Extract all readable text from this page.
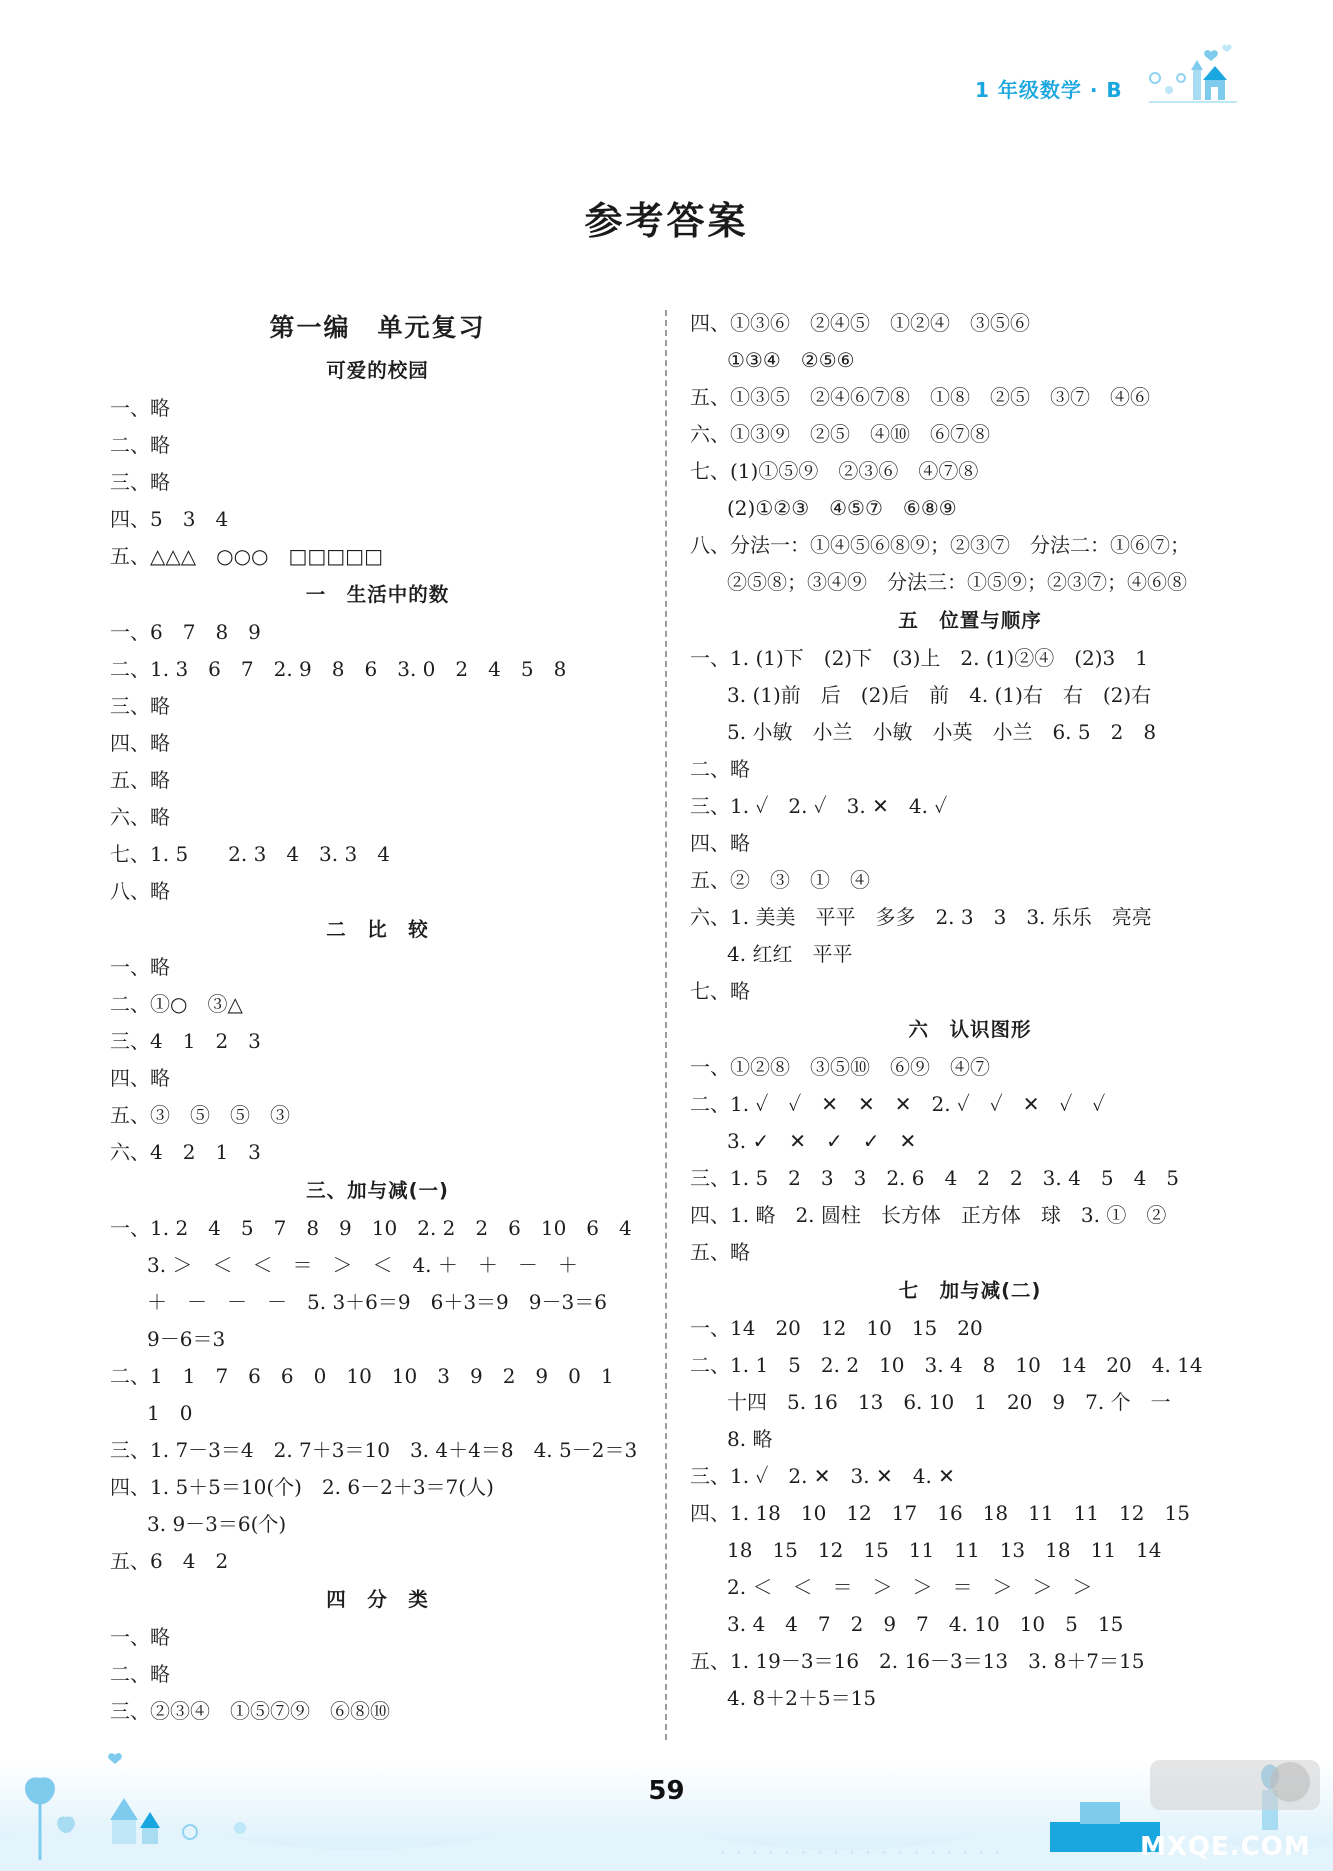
1 年级数学 · B
参考答案
第一编　单元复习
可爱的校园
一、略
二、略
三、略
四、5　3　4
五、△△△　○○○　□□□□□
一　生活中的数
一、6　7　8　9
二、1. 3　6　7　2. 9　8　6　3. 0　2　4　5　8
三、略
四、略
五、略
六、略
七、1. 5　　2. 3　4　3. 3　4
八、略
二　比　较
一、略
二、①○　③△
三、4　1　2　3
四、略
五、③　⑤　⑤　③
六、4　2　1　3
三、加与减(一)
一、1. 2　4　5　7　8　9　10　2. 2　2　6　10　6　4
3. ＞　＜　＜　＝　＞　＜　4. ＋　＋　－　＋
＋　－　－　－　5. 3＋6＝9　6＋3＝9　9－3＝6
9－6＝3
二、1　1　7　6　6　0　10　10　3　9　2　9　0　1
1　0
三、1. 7－3＝4　2. 7＋3＝10　3. 4＋4＝8　4. 5－2＝3
四、1. 5＋5＝10(个)　2. 6－2＋3＝7(人)
3. 9－3＝6(个)
五、6　4　2
四　分　类
一、略
二、略
三、②③④　①⑤⑦⑨　⑥⑧⑩
四、①③⑥　②④⑤　①②④　③⑤⑥
①③④　②⑤⑥
五、①③⑤　②④⑥⑦⑧　①⑧　②⑤　③⑦　④⑥
六、①③⑨　②⑤　④⑩　⑥⑦⑧
七、(1)①⑤⑨　②③⑥　④⑦⑧
(2)①②③　④⑤⑦　⑥⑧⑨
八、分法一：①④⑤⑥⑧⑨；②③⑦　分法二：①⑥⑦；
②⑤⑧；③④⑨　分法三：①⑤⑨；②③⑦；④⑥⑧
五　位置与顺序
一、1. (1)下　(2)下　(3)上　2. (1)②④　(2)3　1
3. (1)前　后　(2)后　前　4. (1)右　右　(2)右
5. 小敏　小兰　小敏　小英　小兰　6. 5　2　8
二、略
三、1. ✓　2. ✓　3. ✕　4. ✓
四、略
五、②　③　①　④
六、1. 美美　平平　多多　2. 3　3　3. 乐乐　亮亮
4. 红红　平平
七、略
六　认识图形
一、①②⑧　③⑤⑩　⑥⑨　④⑦
二、1. ✓　✓　✕　✕　✕　2. ✓　✓　✕　✓　✓
3. ✓　✕　✓　✓　✕
三、1. 5　2　3　3　2. 6　4　2　2　3. 4　5　4　5
四、1. 略　2. 圆柱　长方体　正方体　球　3. ①　②
五、略
七　加与减(二)
一、14　20　12　10　15　20
二、1. 1　5　2. 2　10　3. 4　8　10　14　20　4. 14
十四　5. 16　13　6. 10　1　20　9　7. 个　一
8. 略
三、1. ✓　2. ✕　3. ✕　4. ✕
四、1. 18　10　12　17　16　18　11　11　12　15
18　15　12　15　11　11　13　18　11　14
2. ＜　＜　＝　＞　＞　＝　＞　＞　＞
3. 4　4　7　2　9　7　4. 10　10　5　15
五、1. 19－3＝16　2. 16－3＝13　3. 8＋7＝15
4. 8＋2＋5＝15
· · · · · · · · · · · · · · · · · ·
59
MXQE.COM
